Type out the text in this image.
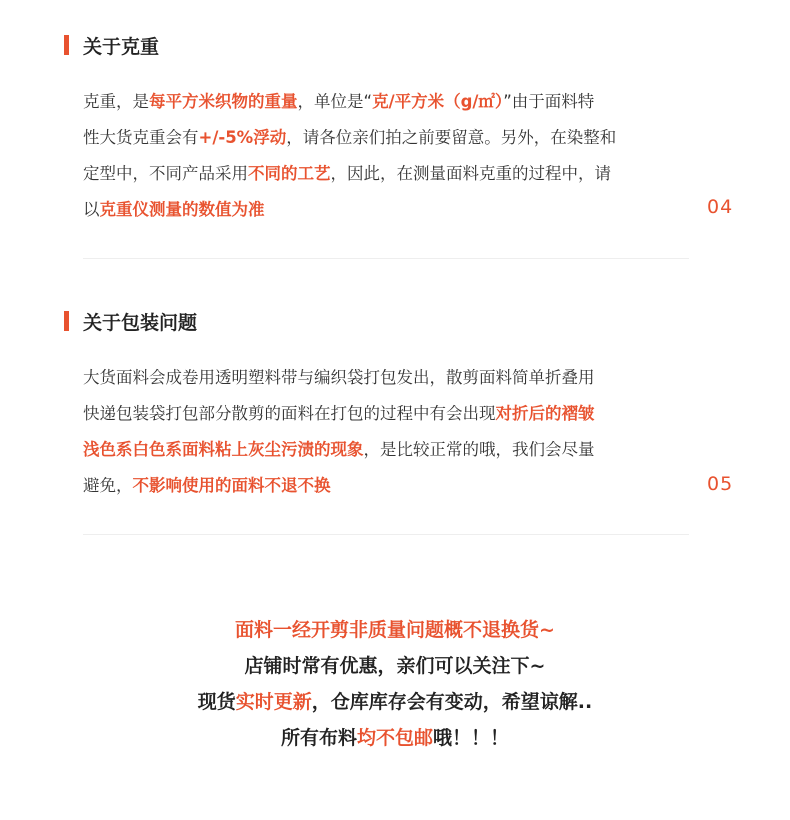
关于克重
克重，是每平方米织物的重量，单位是“克/平方米（g/㎡）”由于面料特
性大货克重会有+/-5%浮动，请各位亲们拍之前要留意。另外，在染整和
定型中，不同产品采用不同的工艺，因此，在测量面料克重的过程中，请
以克重仪测量的数值为准	04
关于包装问题
大货面料会成卷用透明塑料带与编织袋打包发出，散剪面料简单折叠用
快递包装袋打包部分散剪的面料在打包的过程中有会出现对折后的褶皱
浅色系白色系面料粘上灰尘污渍的现象，是比较正常的哦，我们会尽量
避免，不影响使用的面料不退不换	05
面料一经开剪非质量问题概不退换货~
店铺时常有优惠，亲们可以关注下~
现货实时更新，仓库库存会有变动，希望谅解..
所有布料均不包邮哦！！！
